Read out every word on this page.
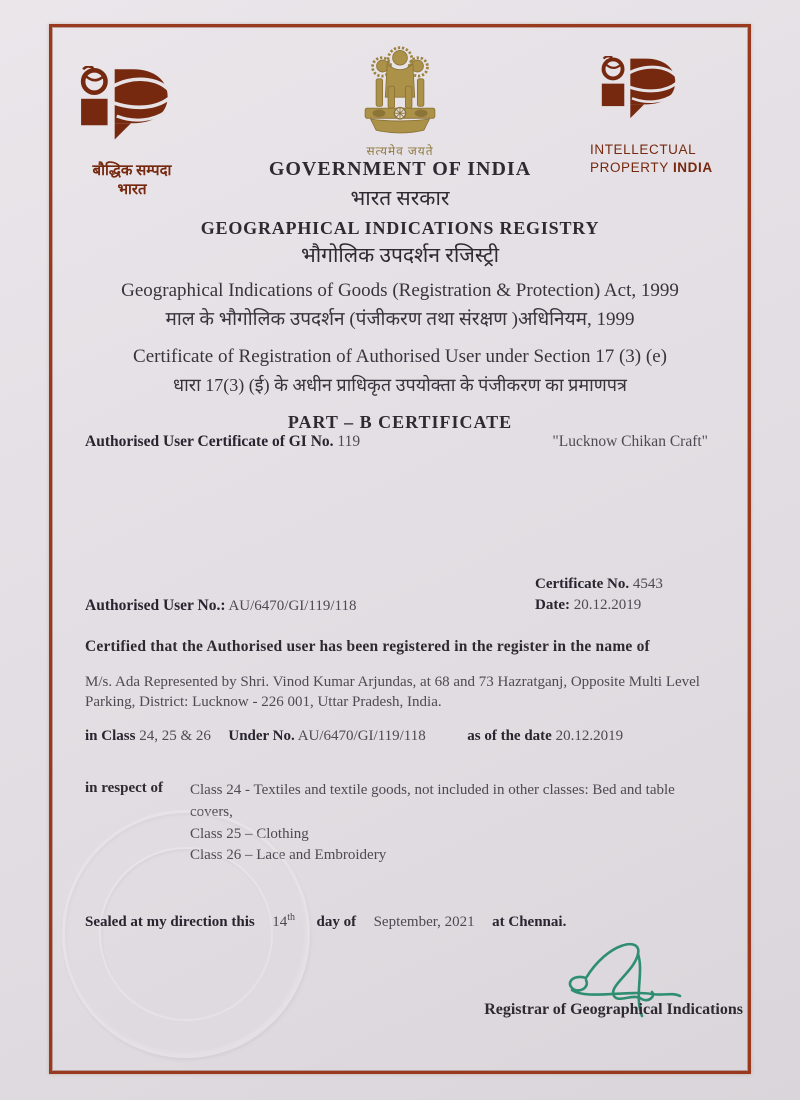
बौद्धिक सम्पदा
भारत
सत्यमेव जयते	INTELLECTUAL
PROPERTY INDIA
GOVERNMENT OF INDIA
भारत सरकार
GEOGRAPHICAL INDICATIONS REGISTRY
भौगोलिक उपदर्शन रजिस्ट्री
Geographical Indications of Goods (Registration & Protection) Act, 1999
माल के भौगोलिक उपदर्शन (पंजीकरण तथा संरक्षण )अधिनियम, 1999
Certificate of Registration of Authorised User under Section 17 (3) (e)
धारा 17(3) (ई) के अधीन प्राधिकृत उपयोक्ता के पंजीकरण का प्रमाणपत्र
PART – B CERTIFICATE
Authorised User Certificate of GI No. 119	"Lucknow Chikan Craft"
Certificate No. 4543
Date: 20.12.2019
Authorised User No.: AU/6470/GI/119/118
Certified that the Authorised user has been registered in the register in the name of
M/s. Ada Represented by Shri. Vinod Kumar Arjundas, at 68 and 73 Hazratganj, Opposite Multi Level Parking, District: Lucknow - 226 001, Uttar Pradesh, India.
in Class 24, 25 & 26 Under No. AU/6470/GI/119/118	as of the date 20.12.2019
in respect of Class 24 - Textiles and textile goods, not included in other classes: Bed and table covers,
Class 25 – Clothing
Class 26 – Lace and Embroidery
Sealed at my direction this 14th day of September, 2021 at Chennai.
Registrar of Geographical Indications
